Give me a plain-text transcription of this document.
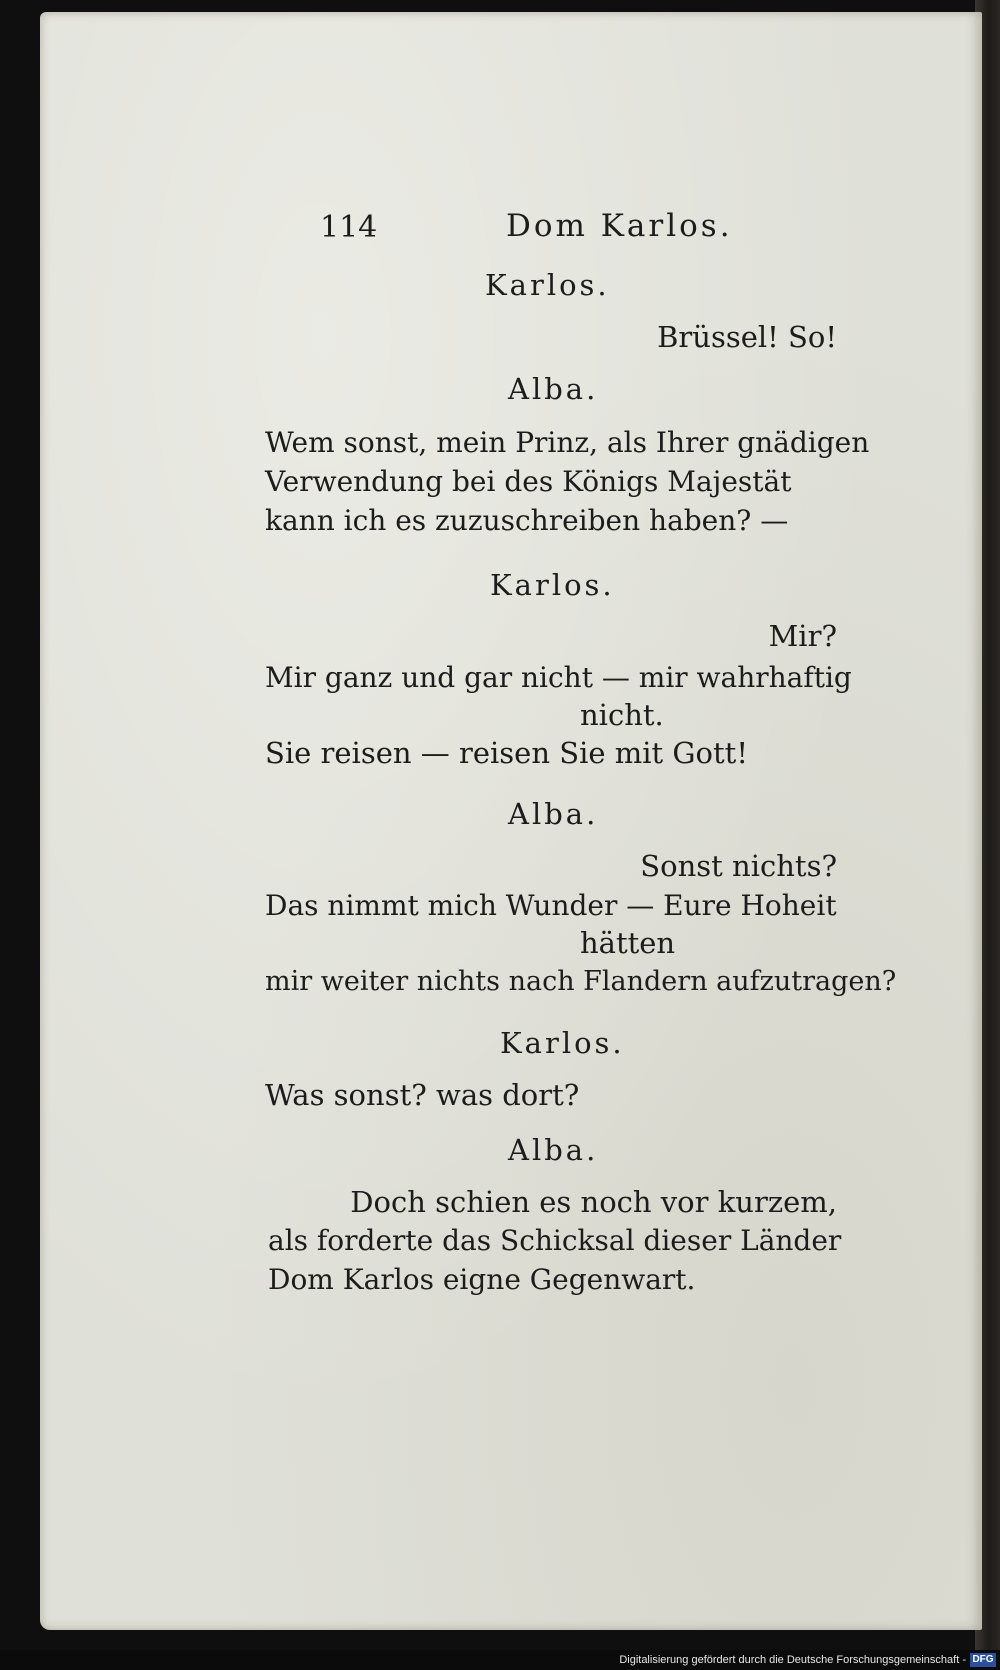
114	Dom Karlos.

Karlos.

Brüssel! So!

Alba.

Wem sonst, mein Prinz, als Ihrer gnädigen

Verwendung bei des Königs Majestät

kann ich es zuzuschreiben haben? —

Karlos.

Mir?

Mir ganz und gar nicht — mir wahrhaftig

nicht.

Sie reisen — reisen Sie mit Gott!

Alba.

Sonst nichts?

Das nimmt mich Wunder — Eure Hoheit

hätten

mir weiter nichts nach Flandern aufzutragen?

Karlos.

Was sonst? was dort?

Alba.

Doch schien es noch vor kurzem,

als forderte das Schicksal dieser Länder

Dom Karlos eigne Gegenwart.

Digitalisierung gefördert durch die Deutsche Forschungsgemeinschaft - DFG
